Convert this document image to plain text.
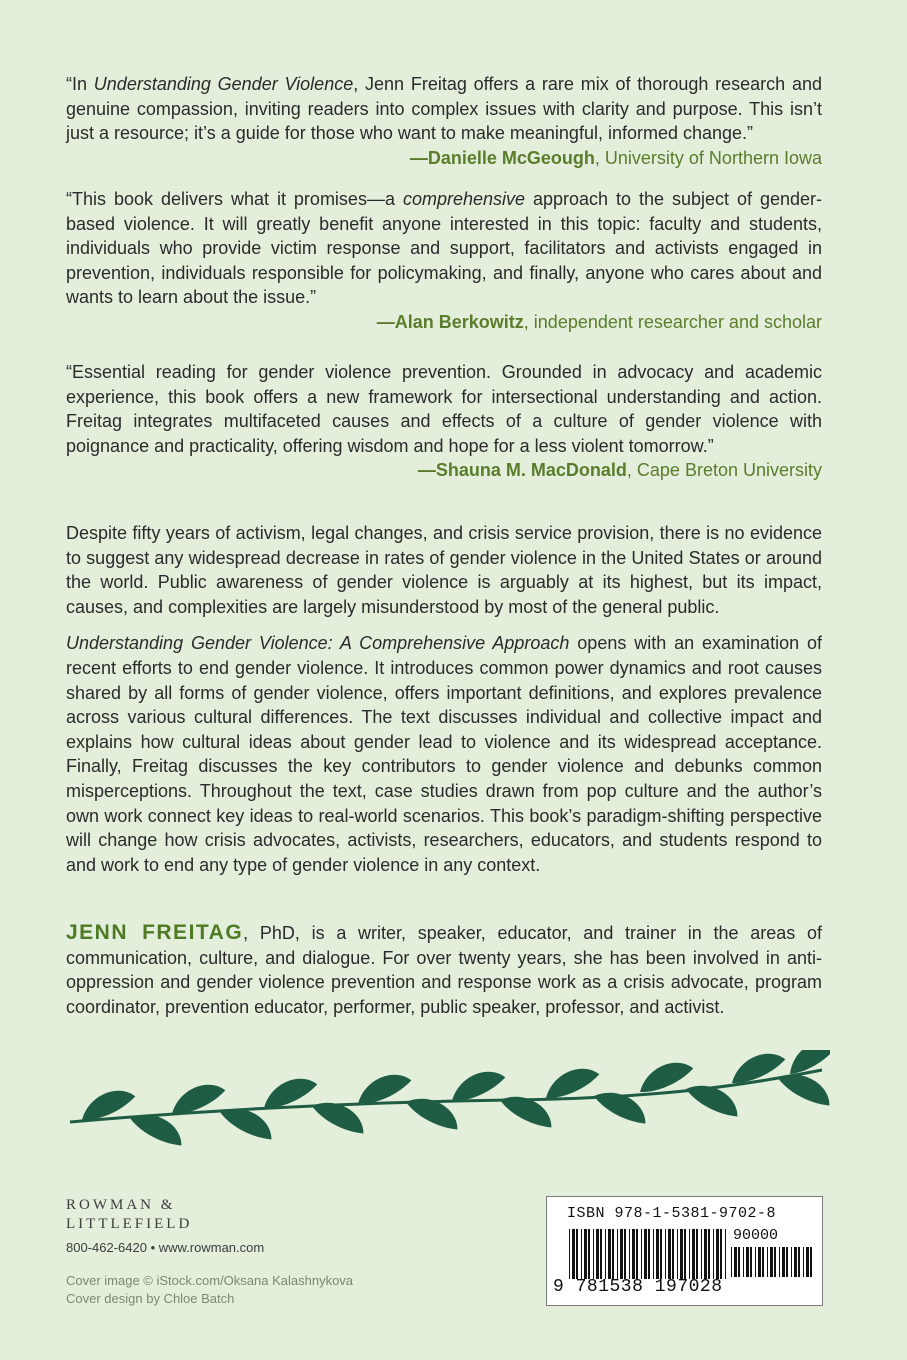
“In Understanding Gender Violence, Jenn Freitag offers a rare mix of thorough research and genuine compassion, inviting readers into complex issues with clarity and purpose. This isn’t just a resource; it’s a guide for those who want to make meaningful, informed change.”

—Danielle McGeough, University of Northern Iowa

“This book delivers what it promises—a comprehensive approach to the subject of gender-based violence. It will greatly benefit anyone interested in this topic: faculty and students, individuals who provide victim response and support, facilitators and activists engaged in prevention, individuals responsible for policymaking, and finally, anyone who cares about and wants to learn about the issue.”

—Alan Berkowitz, independent researcher and scholar

“Essential reading for gender violence prevention. Grounded in advocacy and academic experience, this book offers a new framework for intersectional understanding and action. Freitag integrates multifaceted causes and effects of a culture of gender violence with poignance and practicality, offering wisdom and hope for a less violent tomorrow.”

—Shauna M. MacDonald, Cape Breton University

Despite fifty years of activism, legal changes, and crisis service provision, there is no evidence to suggest any widespread decrease in rates of gender violence in the United States or around the world. Public awareness of gender violence is arguably at its highest, but its impact, causes, and complexities are largely misunderstood by most of the general public.

Understanding Gender Violence: A Comprehensive Approach opens with an examination of recent efforts to end gender violence. It introduces common power dynamics and root causes shared by all forms of gender violence, offers important definitions, and explores prevalence across various cultural differences. The text discusses individual and collective impact and explains how cultural ideas about gender lead to violence and its widespread acceptance. Finally, Freitag discusses the key contributors to gender violence and debunks common misperceptions. Throughout the text, case studies drawn from pop culture and the author’s own work connect key ideas to real-world scenarios. This book’s paradigm-shifting perspective will change how crisis advocates, activists, researchers, educators, and students respond to and work to end any type of gender violence in any context.

JENN FREITAG, PhD, is a writer, speaker, educator, and trainer in the areas of communication, culture, and dialogue. For over twenty years, she has been involved in anti-oppression and gender violence prevention and response work as a crisis advocate, program coordinator, prevention educator, performer, public speaker, professor, and activist.

ROWMAN &
LITTLEFIELD
800-462-6420 • www.rowman.com
Cover image © iStock.com/Oksana Kalashnykova
Cover design by Chloe Batch
ISBN 978-1-5381-9702-8
90000
9 781538 197028
